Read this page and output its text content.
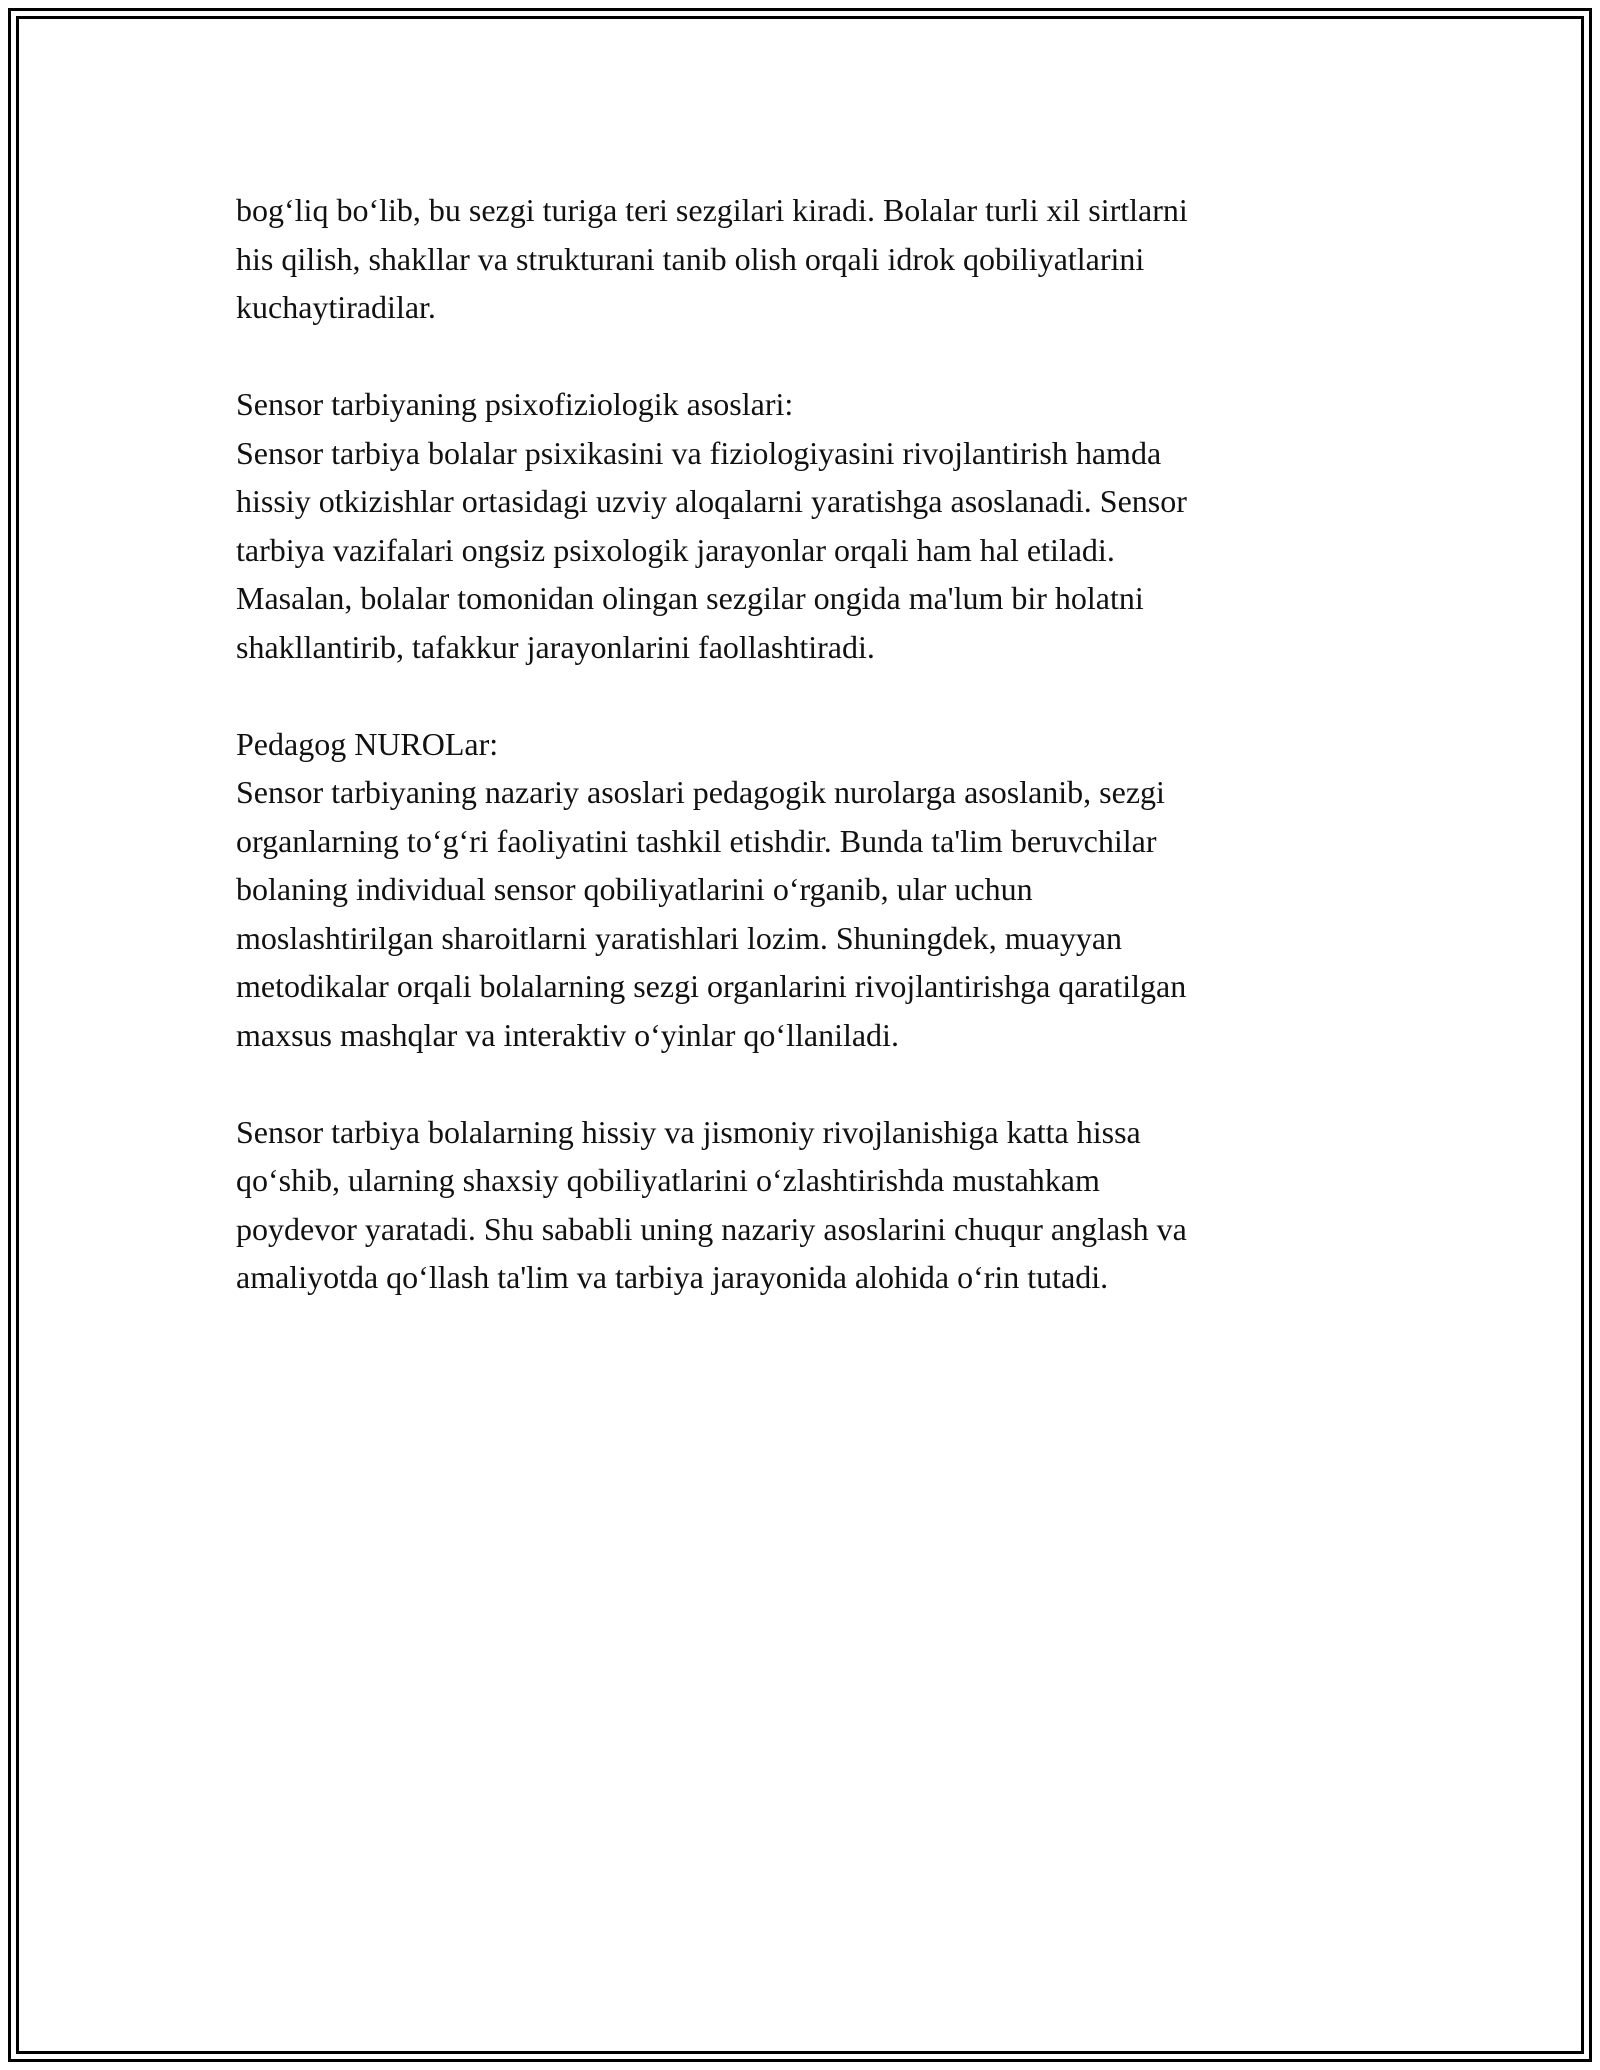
bog‘liq bo‘lib, bu sezgi turiga teri sezgilari kiradi. Bolalar turli xil sirtlarni
his qilish, shakllar va strukturani tanib olish orqali idrok qobiliyatlarini
kuchaytiradilar.

Sensor tarbiyaning psixofiziologik asoslari:

Sensor tarbiya bolalar psixikasini va fiziologiyasini rivojlantirish hamda
hissiy otkizishlar ortasidagi uzviy aloqalarni yaratishga asoslanadi. Sensor
tarbiya vazifalari ongsiz psixologik jarayonlar orqali ham hal etiladi.
Masalan, bolalar tomonidan olingan sezgilar ongida ma'lum bir holatni
shakllantirib, tafakkur jarayonlarini faollashtiradi.

Pedagog NUROLar:

Sensor tarbiyaning nazariy asoslari pedagogik nurolarga asoslanib, sezgi
organlarning to‘g‘ri faoliyatini tashkil etishdir. Bunda ta'lim beruvchilar
bolaning individual sensor qobiliyatlarini o‘rganib, ular uchun
moslashtirilgan sharoitlarni yaratishlari lozim. Shuningdek, muayyan
metodikalar orqali bolalarning sezgi organlarini rivojlantirishga qaratilgan
maxsus mashqlar va interaktiv o‘yinlar qo‘llaniladi.

Sensor tarbiya bolalarning hissiy va jismoniy rivojlanishiga katta hissa
qo‘shib, ularning shaxsiy qobiliyatlarini o‘zlashtirishda mustahkam
poydevor yaratadi. Shu sababli uning nazariy asoslarini chuqur anglash va
amaliyotda qo‘llash ta'lim va tarbiya jarayonida alohida o‘rin tutadi.
